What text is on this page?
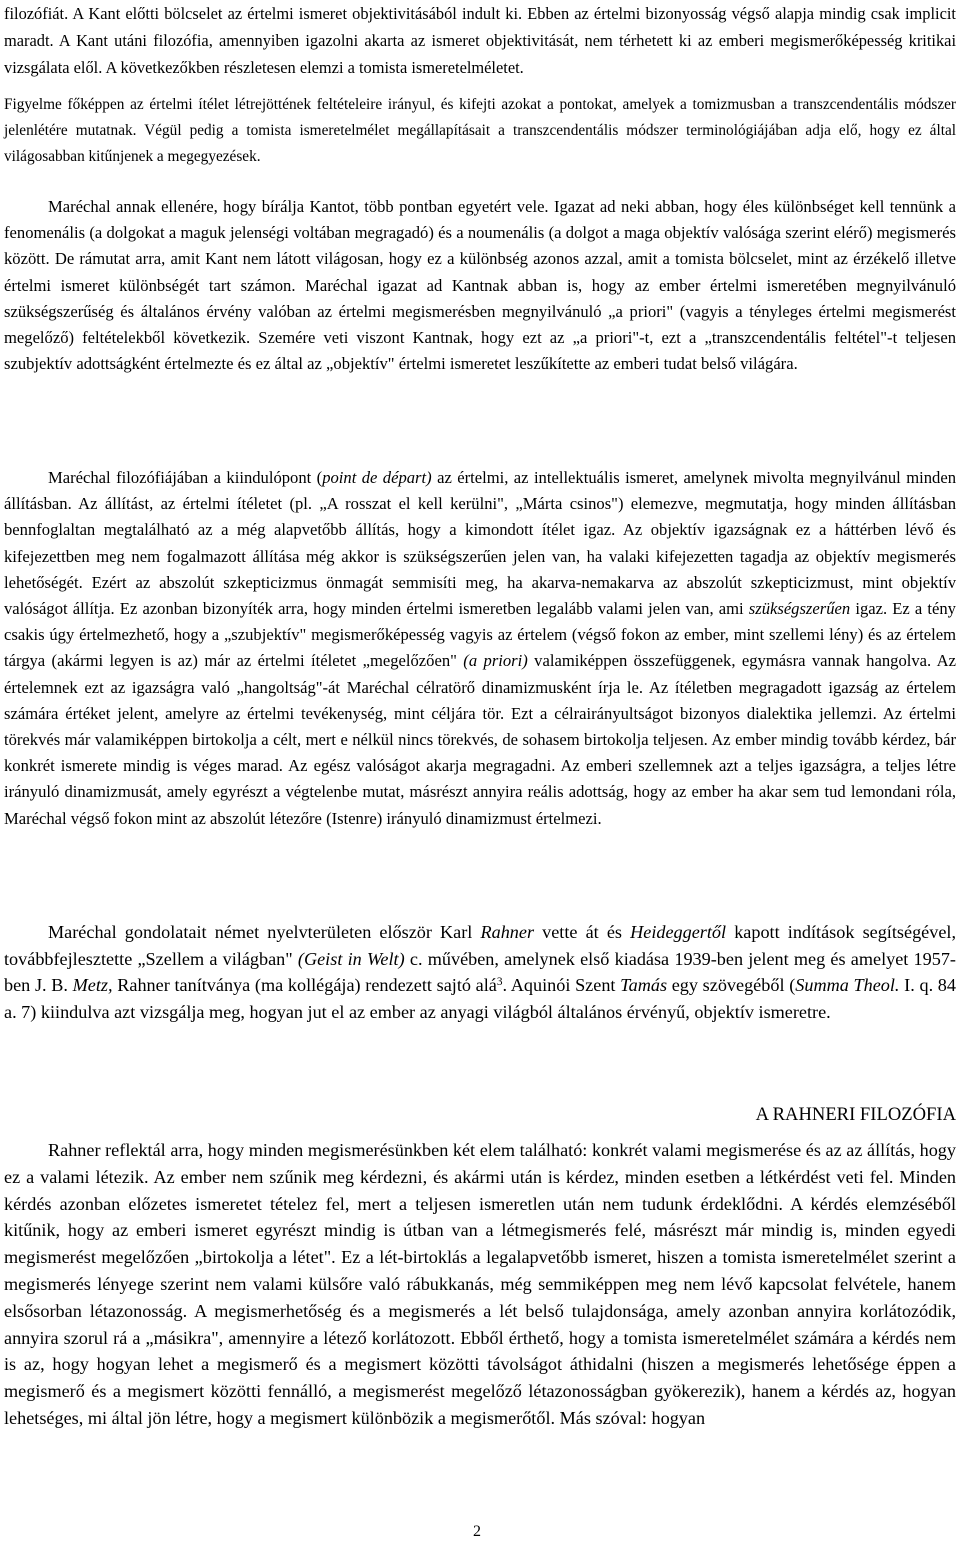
filozófiát. A Kant előtti bölcselet az értelmi ismeret objektivitásából indult ki. Ebben az értelmi bizonyosság végső alapja mindig csak implicit maradt. A Kant utáni filozófia, amennyiben igazolni akarta az ismeret objektivitását, nem térhetett ki az emberi megismerőképesség kritikai vizsgálata elől. A következőkben részletesen elemzi a tomista ismeretelméletet.

Figyelme főképpen az értelmi ítélet létrejöttének feltételeire irányul, és kifejti azokat a pontokat, amelyek a tomizmusban a transzcendentális módszer jelenlétére mutatnak. Végül pedig a tomista ismeretelmélet megállapításait a transzcendentális módszer terminológiájában adja elő, hogy ez által világosabban kitűnjenek a megegyezések.

Maréchal annak ellenére, hogy bírálja Kantot, több pontban egyetért vele. Igazat ad neki abban, hogy éles különbséget kell tennünk a fenomenális (a dolgokat a maguk jelenségi voltában megragadó) és a noumenális (a dolgot a maga objektív valósága szerint elérő) megismerés között. De rámutat arra, amit Kant nem látott világosan, hogy ez a különbség azonos azzal, amit a tomista bölcselet, mint az érzékelő illetve értelmi ismeret különbségét tart számon. Maréchal igazat ad Kantnak abban is, hogy az ember értelmi ismeretében megnyilvánuló szükségszerűség és általános érvény valóban az értelmi megismerésben megnyilvánuló „a priori" (vagyis a tényleges értelmi megismerést megelőző) feltételekből következik. Szemére veti viszont Kantnak, hogy ezt az „a priori"-t, ezt a „transzcendentális feltétel"-t teljesen szubjektív adottságként értelmezte és ez által az „objektív" értelmi ismeretet leszűkítette az emberi tudat belső világára.

Maréchal filozófiájában a kiindulópont (point de départ) az értelmi, az intellektuális ismeret, amelynek mivolta megnyilvánul minden állításban. Az állítást, az értelmi ítéletet (pl. „A rosszat el kell kerülni", „Márta csinos") elemezve, megmutatja, hogy minden állításban bennfoglaltan megtalálható az a még alapvetőbb állítás, hogy a kimondott ítélet igaz. Az objektív igazságnak ez a háttérben lévő és kifejezettben meg nem fogalmazott állítása még akkor is szükségszerűen jelen van, ha valaki kifejezetten tagadja az objektív megismerés lehetőségét. Ezért az abszolút szkepticizmus önmagát semmisíti meg, ha akarva-nemakarva az abszolút szkepticizmust, mint objektív valóságot állítja. Ez azonban bizonyíték arra, hogy minden értelmi ismeretben legalább valami jelen van, ami szükségszerűen igaz. Ez a tény csakis úgy értelmezhető, hogy a „szubjektív" megismerőképesség vagyis az értelem (végső fokon az ember, mint szellemi lény) és az értelem tárgya (akármi legyen is az) már az értelmi ítéletet „megelőzően" (a priori) valamiképpen összefüggenek, egymásra vannak hangolva. Az értelemnek ezt az igazságra való „hangoltság"-át Maréchal célratörő dinamizmusként írja le. Az ítéletben megragadott igazság az értelem számára értéket jelent, amelyre az értelmi tevékenység, mint céljára tör. Ezt a célrairányultságot bizonyos dialektika jellemzi. Az értelmi törekvés már valamiképpen birtokolja a célt, mert e nélkül nincs törekvés, de sohasem birtokolja teljesen. Az ember mindig tovább kérdez, bár konkrét ismerete mindig is véges marad. Az egész valóságot akarja megragadni. Az emberi szellemnek azt a teljes igazságra, a teljes létre irányuló dinamizmusát, amely egyrészt a végtelenbe mutat, másrészt annyira reális adottság, hogy az ember ha akar sem tud lemondani róla, Maréchal végső fokon mint az abszolút létezőre (Istenre) irányuló dinamizmust értelmezi.

Maréchal gondolatait német nyelvterületen először Karl Rahner vette át és Heideggertől kapott indítások segítségével, továbbfejlesztette „Szellem a világban" (Geist in Welt) c. művében, amelynek első kiadása 1939-ben jelent meg és amelyet 1957-ben J. B. Metz, Rahner tanítványa (ma kollégája) rendezett sajtó alá$^3$. Aquinói Szent Tamás egy szövegéből (Summa Theol. I. q. 84 a. 7) kiindulva azt vizsgálja meg, hogyan jut el az ember az anyagi világból általános érvényű, objektív ismeretre.

A RAHNERI FILOZÓFIA

Rahner reflektál arra, hogy minden megismerésünkben két elem található: konkrét valami megismerése és az az állítás, hogy ez a valami létezik. Az ember nem szűnik meg kérdezni, és akármi után is kérdez, minden esetben a létkérdést veti fel. Minden kérdés azonban előzetes ismeretet tételez fel, mert a teljesen ismeretlen után nem tudunk érdeklődni. A kérdés elemzéséből kitűnik, hogy az emberi ismeret egyrészt mindig is útban van a létmegismerés felé, másrészt már mindig is, minden egyedi megismerést megelőzően „birtokolja a létet". Ez a lét-birtoklás a legalapvetőbb ismeret, hiszen a tomista ismeretelmélet szerint a megismerés lényege szerint nem valami külsőre való rábukkanás, még semmiképpen meg nem lévő kapcsolat felvétele, hanem elsősorban létazonosság. A megismerhetőség és a megismerés a lét belső tulajdonsága, amely azonban annyira korlátozódik, annyira szorul rá a „másikra", amennyire a létező korlátozott. Ebből érthető, hogy a tomista ismeretelmélet számára a kérdés nem is az, hogy hogyan lehet a megismerő és a megismert közötti távolságot áthidalni (hiszen a megismerés lehetősége éppen a megismerő és a megismert közötti fennálló, a megismerést megelőző létazonosságban gyökerezik), hanem a kérdés az, hogyan lehetséges, mi által jön létre, hogy a megismert különbözik a megismerőtől. Más szóval: hogyan

2
